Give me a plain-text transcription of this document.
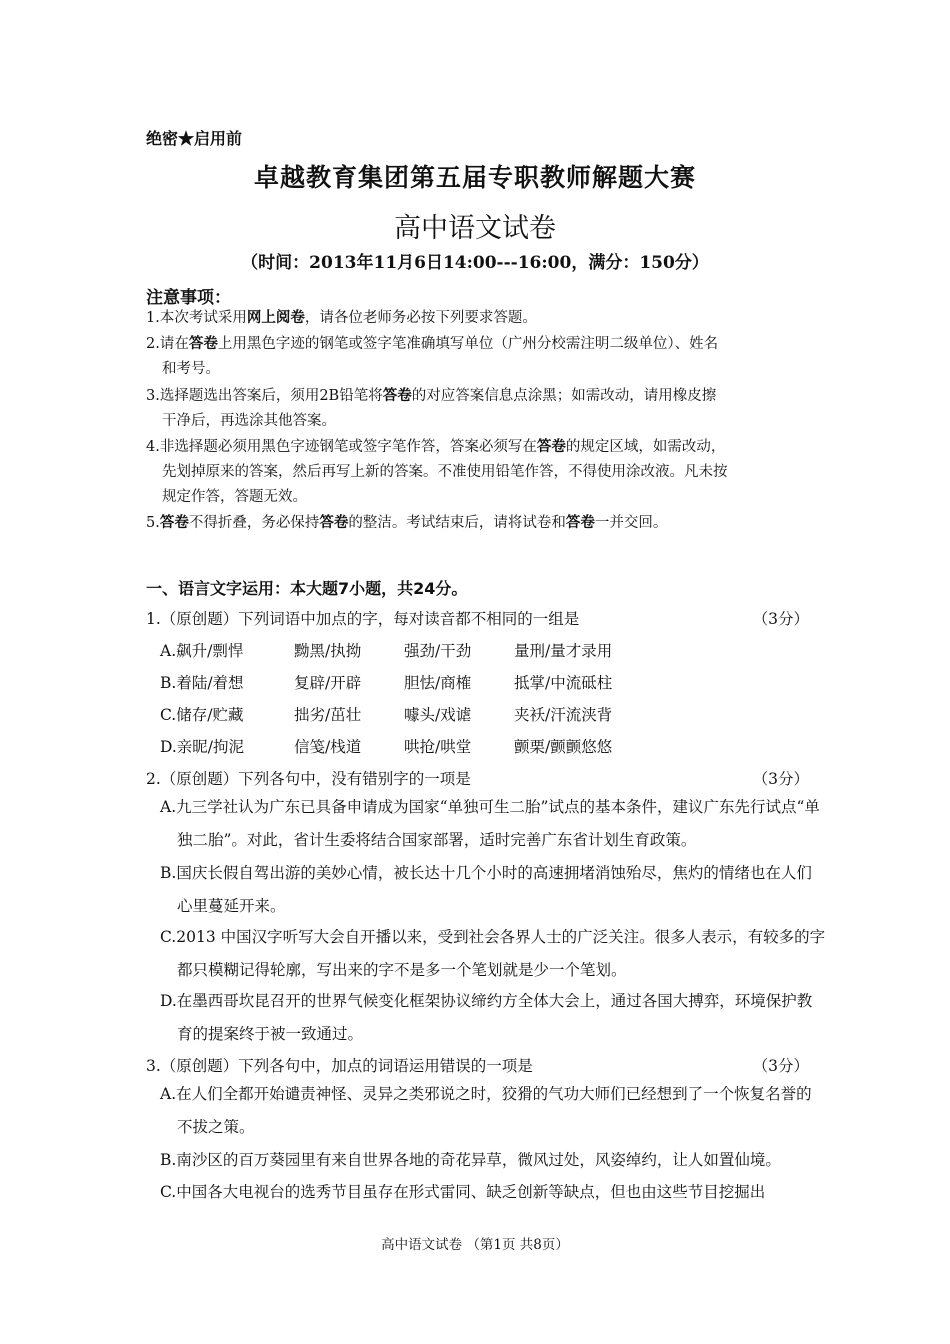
绝密★启用前
卓越教育集团第五届专职教师解题大赛
高中语文试卷
（时间：2013年11月6日14:00---16:00，满分：150分）
注意事项：
1.本次考试采用网上阅卷，请各位老师务必按下列要求答题。
2.请在答卷上用黑色字迹的钢笔或签字笔准确填写单位（广州分校需注明二级单位）、姓名
和考号。
3.选择题选出答案后，须用2B铅笔将答卷的对应答案信息点涂黑；如需改动，请用橡皮擦
干净后，再选涂其他答案。
4.非选择题必须用黑色字迹钢笔或签字笔作答，答案必须写在答卷的规定区域，如需改动，
先划掉原来的答案，然后再写上新的答案。不准使用铅笔作答，不得使用涂改液。凡未按
规定作答，答题无效。
5.答卷不得折叠，务必保持答卷的整洁。考试结束后，请将试卷和答卷一并交回。
一、语言文字运用：本大题7小题，共24分。
1.（原创题）下列词语中加点的字，每对读音都不相同的一组是	（3分）
A.飙升/剽悍	黝黑/执拗	强劲/干劲	量刑/量才录用
B.着陆/着想	复辟/开辟	胆怯/商榷	抵掌/中流砥柱
C.储存/贮藏	拙劣/茁壮	噱头/戏谑	夹袄/汗流浃背
D.亲昵/拘泥	信笺/栈道	哄抢/哄堂	颤栗/颤颤悠悠
2.（原创题）下列各句中，没有错别字的一项是	（3分）
A.九三学社认为广东已具备申请成为国家“单独可生二胎”试点的基本条件，建议广东先行试点“单独二胎”。对此，省计生委将结合国家部署，适时完善广东省计划生育政策。
B.国庆长假自驾出游的美妙心情，被长达十几个小时的高速拥堵消蚀殆尽，焦灼的情绪也在人们心里蔓延开来。
C.2013 中国汉字听写大会自开播以来，受到社会各界人士的广泛关注。很多人表示，有较多的字都只模糊记得轮廓，写出来的字不是多一个笔划就是少一个笔划。
D.在墨西哥坎昆召开的世界气候变化框架协议缔约方全体大会上，通过各国大搏弈，环境保护教育的提案终于被一致通过。
3.（原创题）下列各句中，加点的词语运用错误的一项是	（3分）
A.在人们全都开始谴责神怪、灵异之类邪说之时，狡猾的气功大师们已经想到了一个恢复名誉的不拔之策。
B.南沙区的百万葵园里有来自世界各地的奇花异草，微风过处，风姿绰约，让人如置仙境。
C.中国各大电视台的选秀节目虽存在形式雷同、缺乏创新等缺点，但也由这些节目挖掘出
高中语文试卷 （第1页 共8页）
